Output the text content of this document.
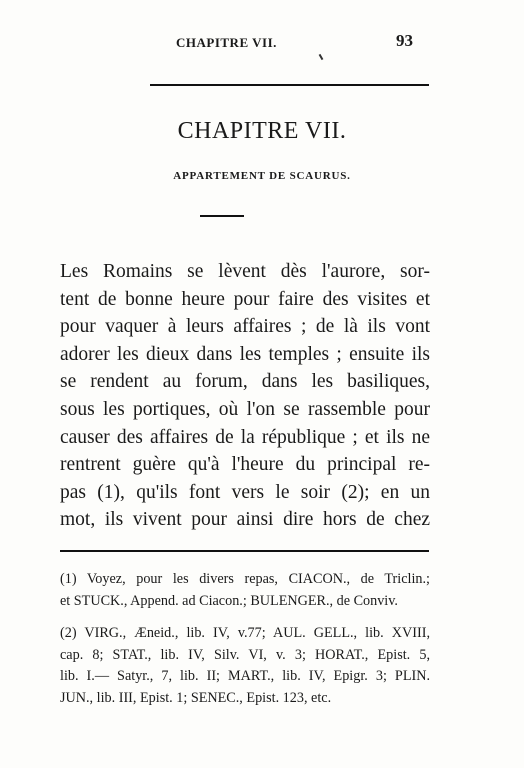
CHAPITRE VII.	93
CHAPITRE VII.
APPARTEMENT DE SCAURUS.
Les Romains se lèvent dès l'aurore, sor-
tent de bonne heure pour faire des visites et
pour vaquer à leurs affaires ; de là ils vont
adorer les dieux dans les temples ; ensuite ils
se rendent au forum, dans les basiliques,
sous les portiques, où l'on se rassemble pour
causer des affaires de la république ; et ils ne
rentrent guère qu'à l'heure du principal re-
pas (1), qu'ils font vers le soir (2); en un
mot, ils vivent pour ainsi dire hors de chez
(1) Voyez, pour les divers repas, CIACON., de Triclin.;
et STUCK., Append. ad Ciacon.; BULENGER., de Conviv.
(2) VIRG., Æneid., lib. IV, v.77; AUL. GELL., lib. XVIII,
cap. 8; STAT., lib. IV, Silv. VI, v. 3; HORAT., Epist. 5,
lib. I.— Satyr., 7, lib. II; MART., lib. IV, Epigr. 3; PLIN.
JUN., lib. III, Epist. 1; SENEC., Epist. 123, etc.
